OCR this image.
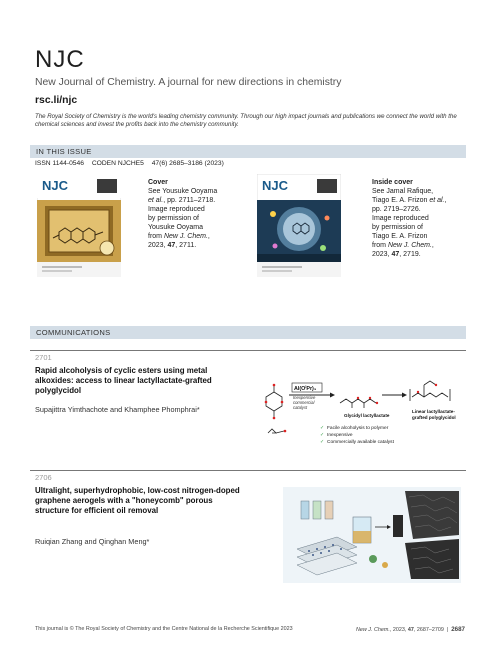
NJC
New Journal of Chemistry. A journal for new directions in chemistry
rsc.li/njc
The Royal Society of Chemistry is the world's leading chemistry community. Through our high impact journals and publications we connect the world with the chemical sciences and invest the profits back into the chemistry community.
IN THIS ISSUE
ISSN 1144-0546 CODEN NJCHE5 47(6) 2685–3186 (2023)
NJC	Cover
See Yousuke Ooyama
et al., pp. 2711–2718.
Image reproduced
by permission of
Yousuke Ooyama
from New J. Chem.,
2023, 47, 2711.
NJC	Inside cover
See Jamal Rafique,
Tiago E. A. Frizon et al.,
pp. 2719–2726.
Image reproduced
by permission of
Tiago E. A. Frizon
from New J. Chem.,
2023, 47, 2719.
COMMUNICATIONS
2701
Rapid alcoholysis of cyclic esters using metal alkoxides: access to linear lactyllactate-grafted polyglycidol
Supajittra Yimthachote and Khamphee Phomphrai*
Al(OⁱPr)₃
Inexpensive
commercial
catalyst
Glycidyl lactyllactate
Linear lactyllactate-
grafted polyglycidol
✓ Facile alcoholysis to polymer
✓ Inexpensive
✓ Commercially available catalyst
2706
Ultralight, superhydrophobic, low-cost nitrogen-doped graphene aerogels with a "honeycomb" porous structure for efficient oil removal
Ruiqian Zhang and Qinghan Meng*
This journal is © The Royal Society of Chemistry and the Centre National de la Recherche Scientifique 2023	New J. Chem., 2023, 47, 2687–2709 | 2687
